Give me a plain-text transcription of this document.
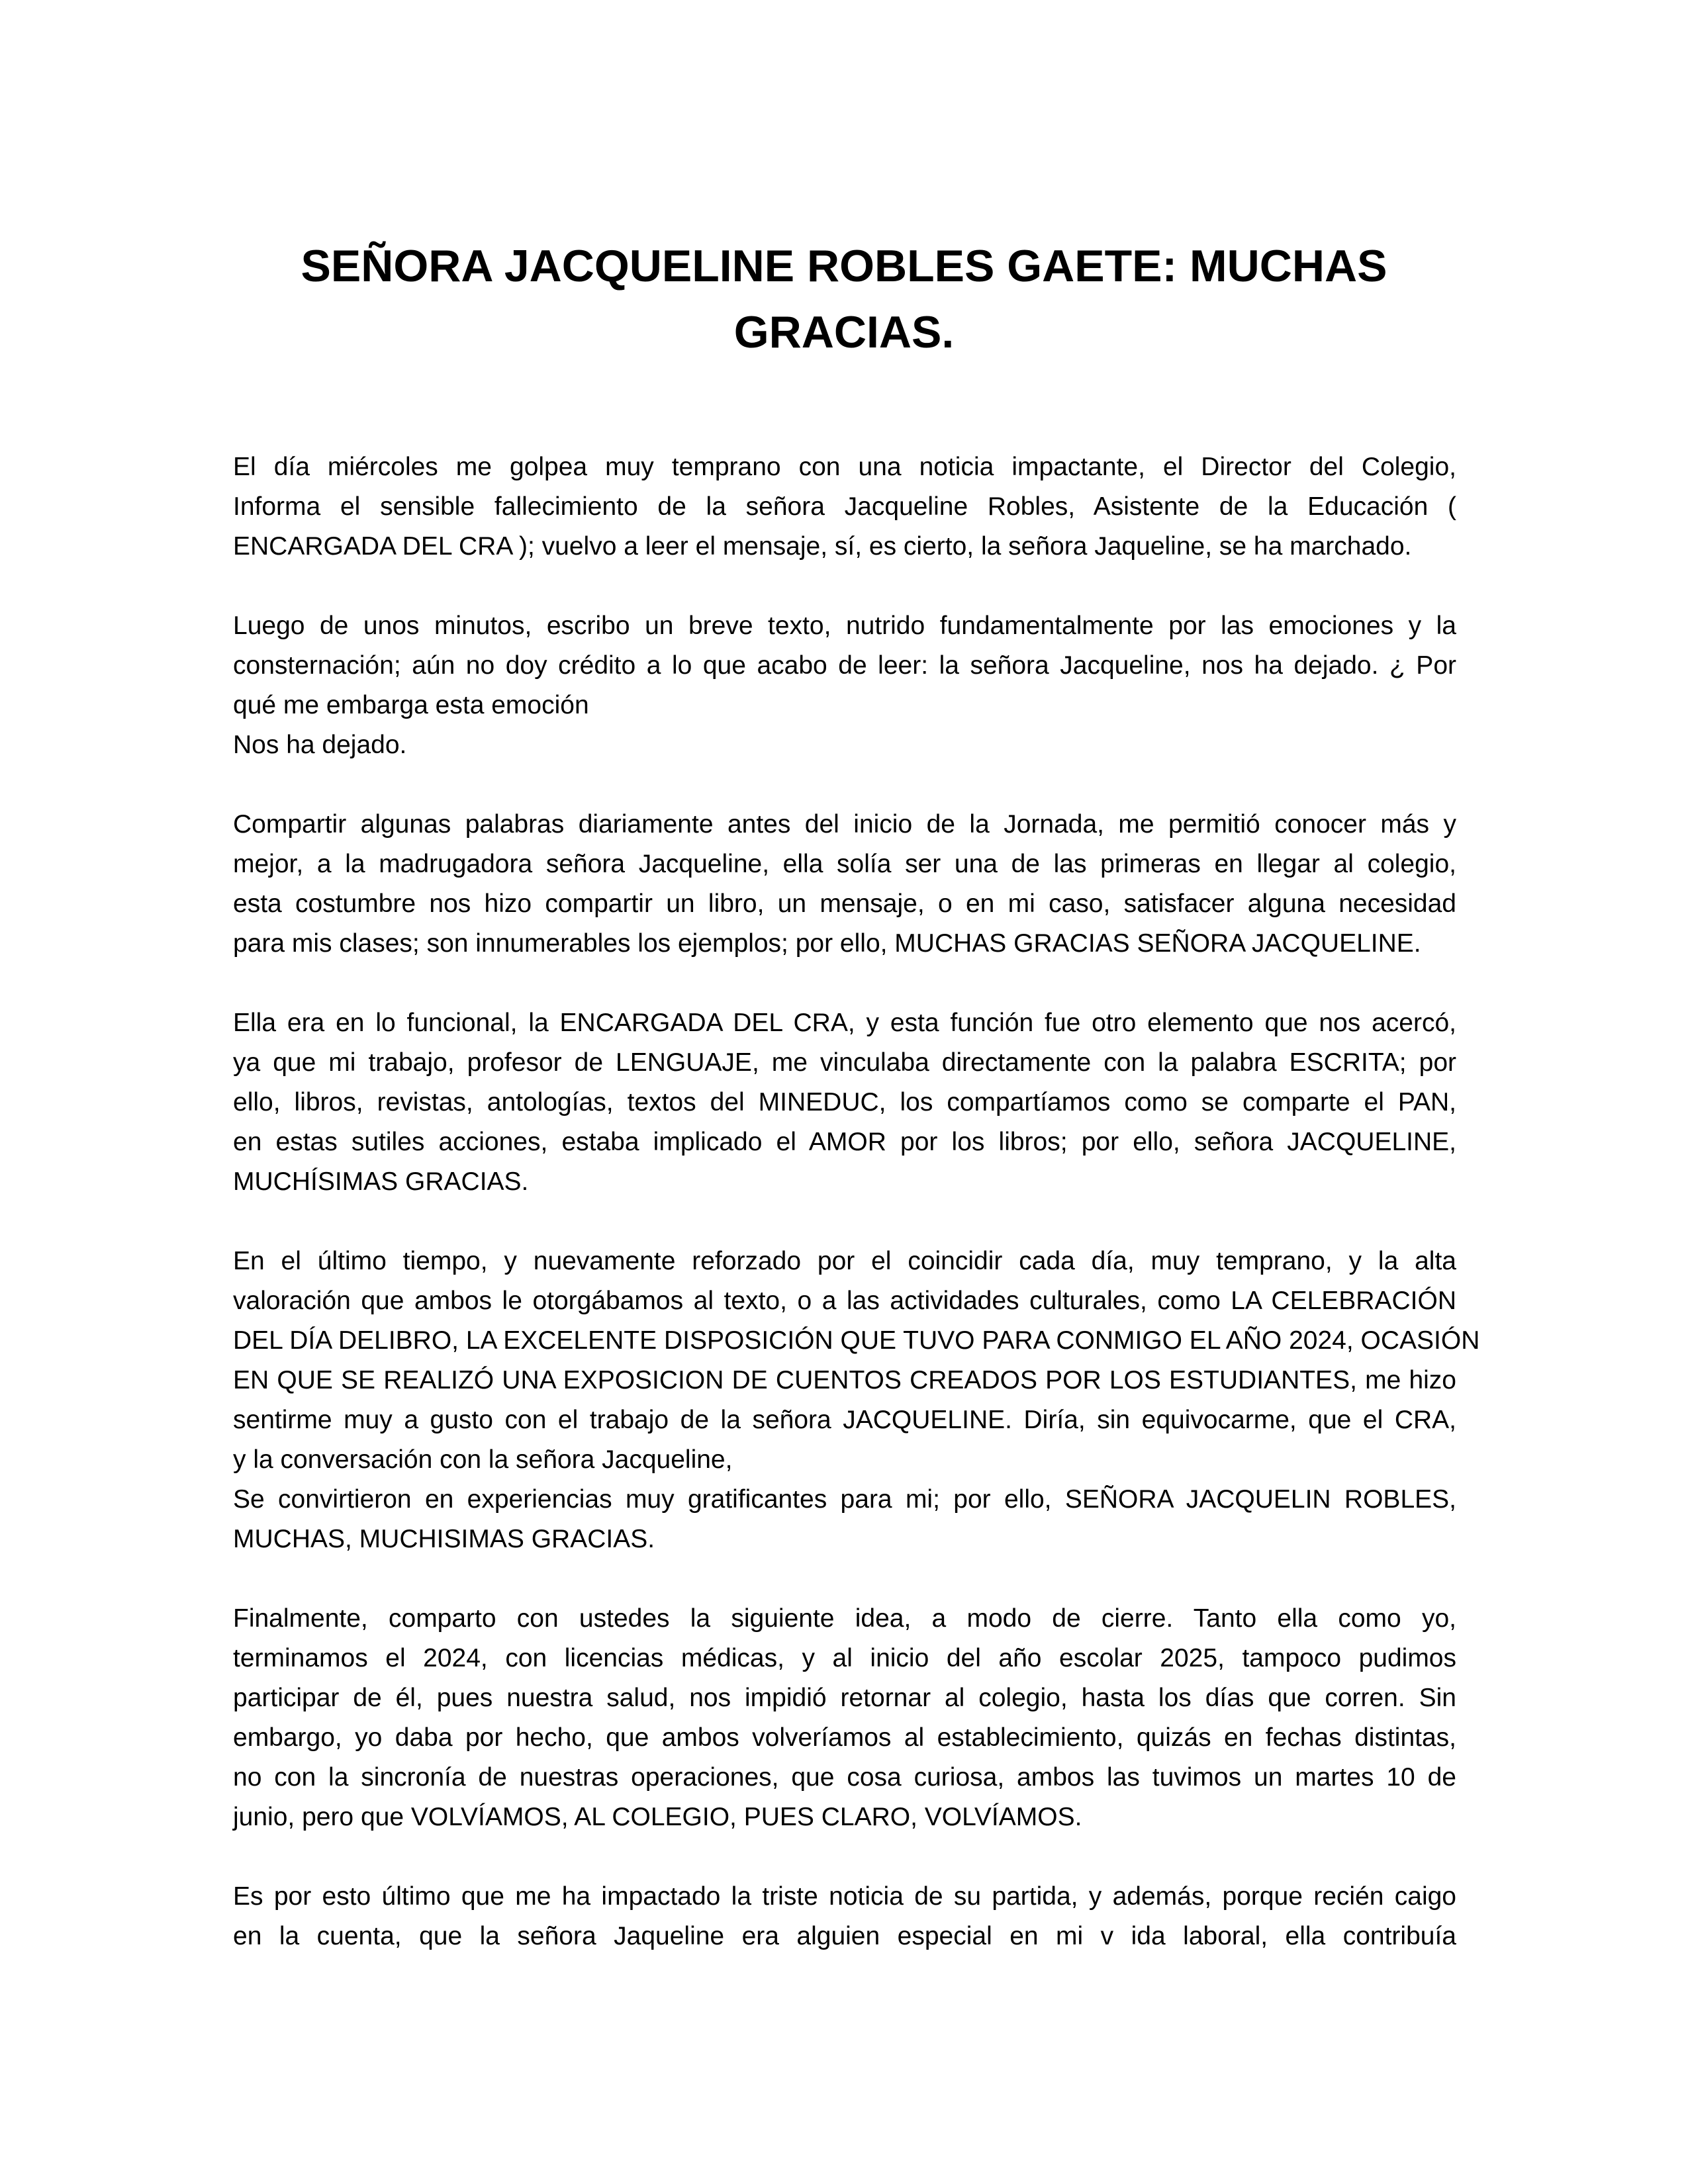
SEÑORA JACQUELINE ROBLES GAETE: MUCHAS
GRACIAS.

El día miércoles me golpea muy temprano con una noticia impactante, el Director del Colegio,
Informa el sensible fallecimiento de la señora Jacqueline Robles, Asistente de la Educación (
ENCARGADA DEL CRA ); vuelvo a leer el mensaje, sí, es cierto, la señora Jaqueline, se ha marchado.

Luego de unos minutos, escribo un breve texto, nutrido fundamentalmente por las emociones y la
consternación; aún no doy crédito a lo que acabo de leer: la señora Jacqueline, nos ha dejado. ¿ Por
qué me embarga esta emoción
Nos ha dejado.

Compartir algunas palabras diariamente antes del inicio de la Jornada, me permitió conocer más y
mejor, a la madrugadora señora Jacqueline, ella solía ser una de las primeras en llegar al colegio,
esta costumbre nos hizo compartir un libro, un mensaje, o en mi caso, satisfacer alguna necesidad
para mis clases; son innumerables los ejemplos; por ello, MUCHAS GRACIAS SEÑORA JACQUELINE.

Ella era en lo funcional, la ENCARGADA DEL CRA, y esta función fue otro elemento que nos acercó,
ya que mi trabajo, profesor de LENGUAJE, me vinculaba directamente con la palabra ESCRITA; por
ello, libros, revistas, antologías, textos del MINEDUC, los compartíamos como se comparte el PAN,
en estas sutiles acciones, estaba implicado el AMOR por los libros; por ello, señora JACQUELINE,
MUCHÍSIMAS GRACIAS.

En el último tiempo, y nuevamente reforzado por el coincidir cada día, muy temprano, y la alta
valoración que ambos le otorgábamos al texto, o a las actividades culturales, como LA CELEBRACIÓN
DEL DÍA DELIBRO, LA EXCELENTE DISPOSICIÓN QUE TUVO PARA CONMIGO EL AÑO 2024, OCASIÓN
EN QUE SE REALIZÓ UNA EXPOSICION DE CUENTOS CREADOS POR LOS ESTUDIANTES, me hizo
sentirme muy a gusto con el trabajo de la señora JACQUELINE. Diría, sin equivocarme, que el CRA,
y la conversación con la señora Jacqueline,
Se convirtieron en experiencias muy gratificantes para mi; por ello, SEÑORA JACQUELIN ROBLES,
MUCHAS, MUCHISIMAS GRACIAS.

Finalmente, comparto con ustedes la siguiente idea, a modo de cierre. Tanto ella como yo,
terminamos el 2024, con licencias médicas, y al inicio del año escolar 2025, tampoco pudimos
participar de él, pues nuestra salud, nos impidió retornar al colegio, hasta los días que corren. Sin
embargo, yo daba por hecho, que ambos volveríamos al establecimiento, quizás en fechas distintas,
no con la sincronía de nuestras operaciones, que cosa curiosa, ambos las tuvimos un martes 10 de
junio, pero que VOLVÍAMOS, AL COLEGIO, PUES CLARO, VOLVÍAMOS.

Es por esto último que me ha impactado la triste noticia de su partida, y además, porque recién caigo
en la cuenta, que la señora Jaqueline era alguien especial en mi v ida laboral, ella contribuía
